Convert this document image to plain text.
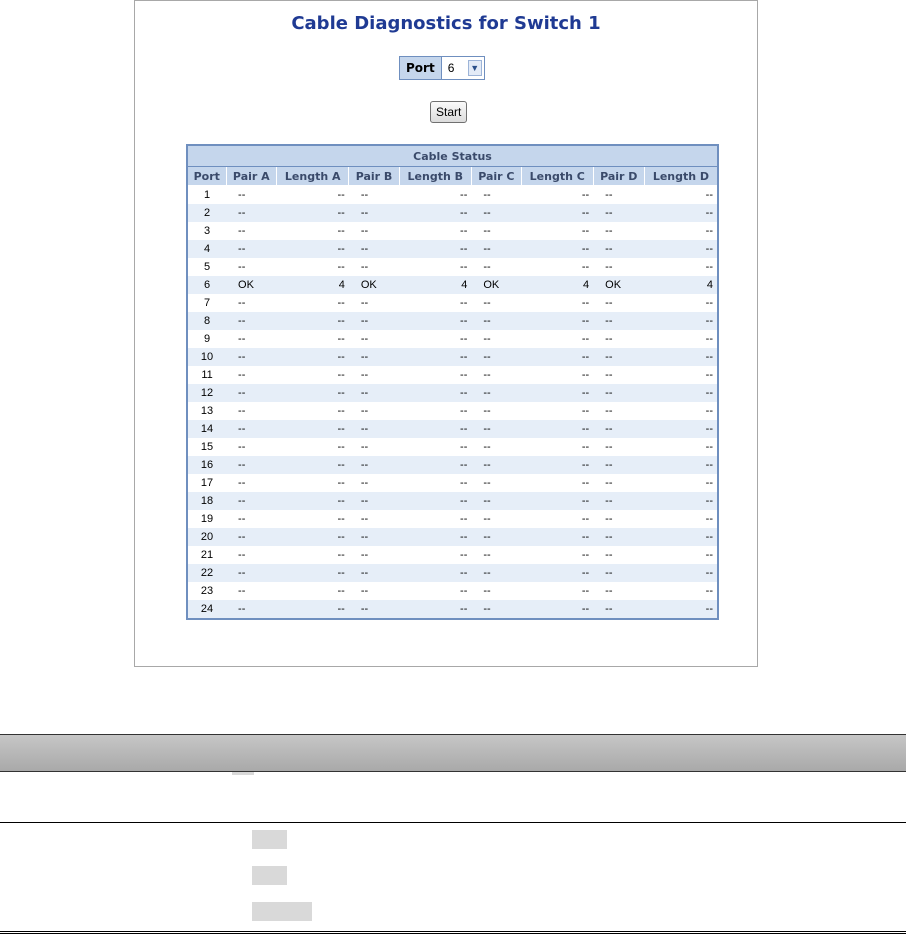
Cable Diagnostics for Switch 1
Port	6	▼
Start
Cable Status								
Port	Pair A	Length A	Pair B	Length B	Pair C	Length C	Pair D	Length D
1	--	--	--	--	--	--	--	--
2	--	--	--	--	--	--	--	--
3	--	--	--	--	--	--	--	--
4	--	--	--	--	--	--	--	--
5	--	--	--	--	--	--	--	--
6	OK	4	OK	4	OK	4	OK	4
7	--	--	--	--	--	--	--	--
8	--	--	--	--	--	--	--	--
9	--	--	--	--	--	--	--	--
10	--	--	--	--	--	--	--	--
11	--	--	--	--	--	--	--	--
12	--	--	--	--	--	--	--	--
13	--	--	--	--	--	--	--	--
14	--	--	--	--	--	--	--	--
15	--	--	--	--	--	--	--	--
16	--	--	--	--	--	--	--	--
17	--	--	--	--	--	--	--	--
18	--	--	--	--	--	--	--	--
19	--	--	--	--	--	--	--	--
20	--	--	--	--	--	--	--	--
21	--	--	--	--	--	--	--	--
22	--	--	--	--	--	--	--	--
23	--	--	--	--	--	--	--	--
24	--	--	--	--	--	--	--	--
